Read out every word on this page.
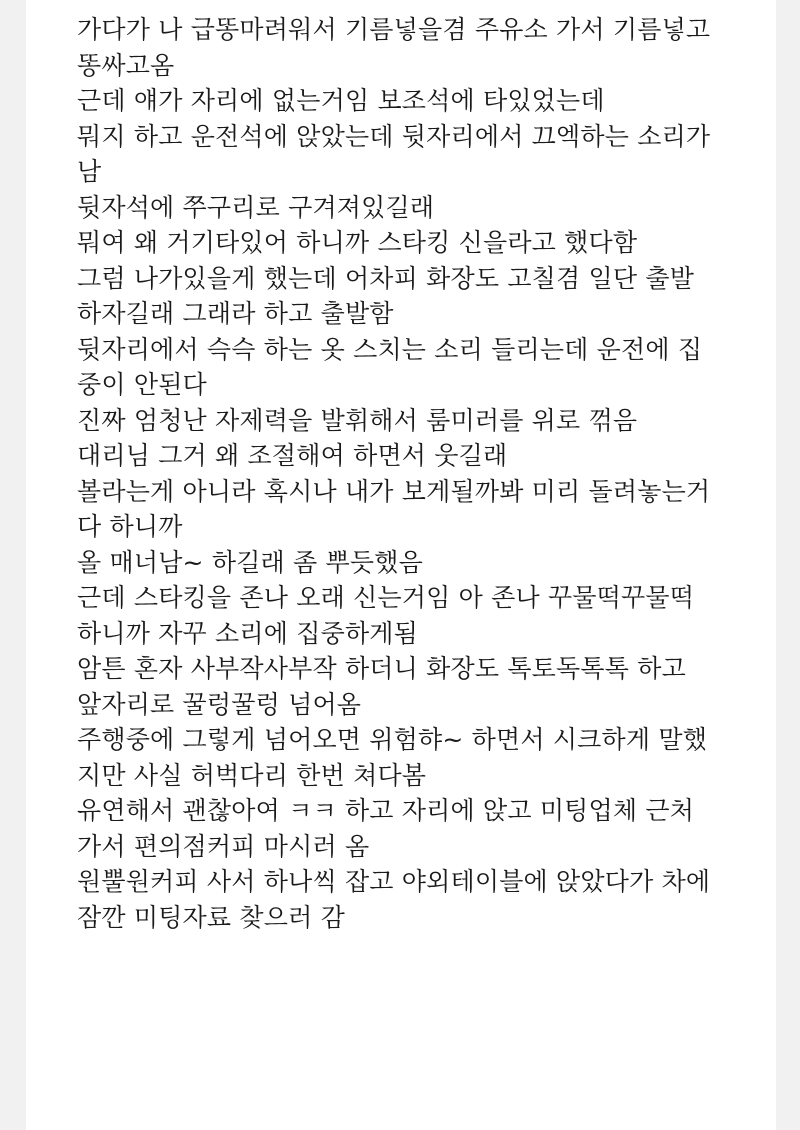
가다가 나 급똥마려워서 기름넣을겸 주유소 가서 기름넣고
똥싸고옴
근데 얘가 자리에 없는거임 보조석에 타있었는데
뭐지 하고 운전석에 앉았는데 뒷자리에서 끄엑하는 소리가
남
뒷자석에 쭈구리로 구겨져있길래
뭐여 왜 거기타있어 하니까 스타킹 신을라고 했다함
그럼 나가있을게 했는데 어차피 화장도 고칠겸 일단 출발
하자길래 그래라 하고 출발함
뒷자리에서 슥슥 하는 옷 스치는 소리 들리는데 운전에 집
중이 안된다
진짜 엄청난 자제력을 발휘해서 룸미러를 위로 꺾음
대리님 그거 왜 조절해여 하면서 웃길래
볼라는게 아니라 혹시나 내가 보게될까봐 미리 돌려놓는거
다 하니까
올 매너남~ 하길래 좀 뿌듯했음
근데 스타킹을 존나 오래 신는거임 아 존나 꾸물떡꾸물떡
하니까 자꾸 소리에 집중하게됨
암튼 혼자 사부작사부작 하더니 화장도 톡토독톡톡 하고
앞자리로 꿀렁꿀렁 넘어옴
주행중에 그렇게 넘어오면 위험햐~ 하면서 시크하게 말했
지만 사실 허벅다리 한번 쳐다봄
유연해서 괜찮아여 ㅋㅋ 하고 자리에 앉고 미팅업체 근처
가서 편의점커피 마시러 옴
원뿔원커피 사서 하나씩 잡고 야외테이블에 앉았다가 차에
잠깐 미팅자료 찾으러 감
